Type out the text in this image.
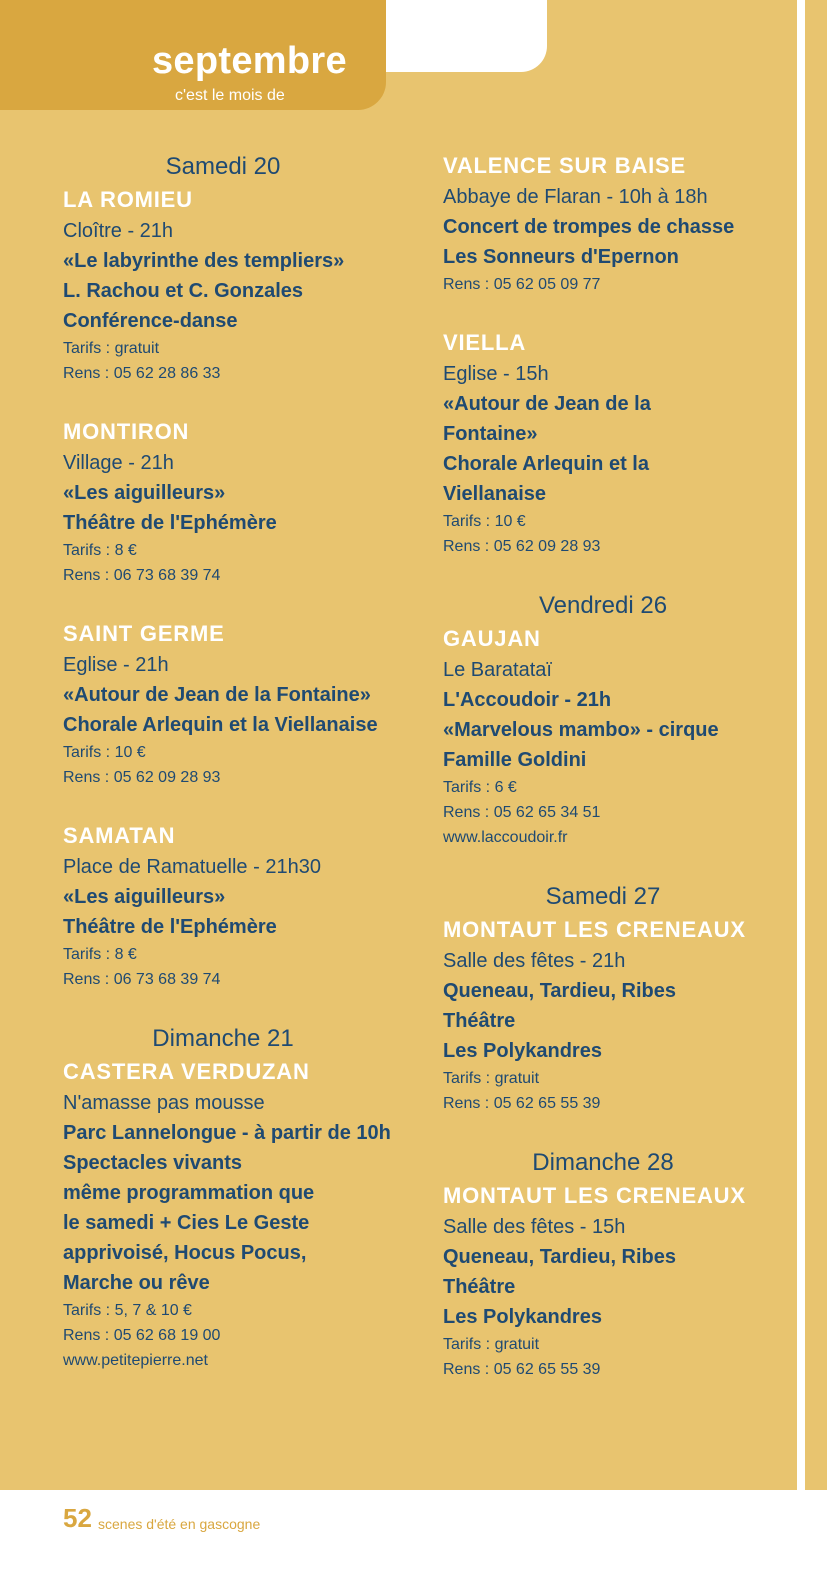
septembre
c'est le mois de
Samedi 20
LA ROMIEU
Cloître - 21h
«Le labyrinthe des templiers»
L. Rachou et C. Gonzales
Conférence-danse
Tarifs : gratuit
Rens : 05 62 28 86 33
MONTIRON
Village - 21h
«Les aiguilleurs»
Théâtre de l'Ephémère
Tarifs : 8 €
Rens : 06 73 68 39 74
SAINT GERME
Eglise - 21h
«Autour de Jean de la Fontaine»
Chorale Arlequin et la Viellanaise
Tarifs : 10 €
Rens : 05 62 09 28 93
SAMATAN
Place de Ramatuelle - 21h30
«Les aiguilleurs»
Théâtre de l'Ephémère
Tarifs : 8 €
Rens : 06 73 68 39 74
Dimanche 21
CASTERA VERDUZAN
N'amasse pas mousse
Parc Lannelongue - à partir de 10h
Spectacles vivants
même programmation que
le samedi + Cies Le Geste
apprivoisé, Hocus Pocus,
Marche ou rêve
Tarifs : 5, 7 & 10 €
Rens : 05 62 68 19 00
www.petitepierre.net
VALENCE SUR BAISE
Abbaye de Flaran - 10h à 18h
Concert de trompes de chasse
Les Sonneurs d'Epernon
Rens : 05 62 05 09 77
VIELLA
Eglise - 15h
«Autour de Jean de la
Fontaine»
Chorale Arlequin et la
Viellanaise
Tarifs : 10 €
Rens : 05 62 09 28 93
Vendredi 26
GAUJAN
Le Baratataï
L'Accoudoir - 21h
«Marvelous mambo» - cirque
Famille Goldini
Tarifs : 6 €
Rens : 05 62 65 34 51
www.laccoudoir.fr
Samedi 27
MONTAUT LES CRENEAUX
Salle des fêtes - 21h
Queneau, Tardieu, Ribes
Théâtre
Les Polykandres
Tarifs : gratuit
Rens : 05 62 65 55 39
Dimanche 28
MONTAUT LES CRENEAUX
Salle des fêtes - 15h
Queneau, Tardieu, Ribes
Théâtre
Les Polykandres
Tarifs : gratuit
Rens : 05 62 65 55 39
52 scenes d'été en gascogne
